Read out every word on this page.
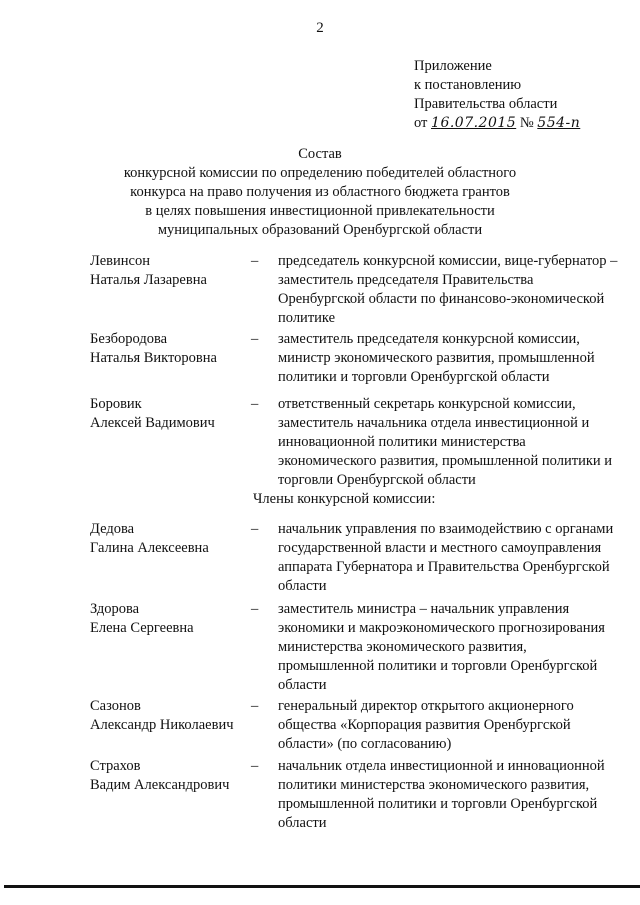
2
Приложение
к постановлению
Правительства области
от 16.07.2015 № 554-п
Состав
конкурсной комиссии по определению победителей областного
конкурса на право получения из областного бюджета грантов
в целях повышения инвестиционной привлекательности
муниципальных образований Оренбургской области
Левинсон
Наталья Лазаревна
– председатель конкурсной комиссии, вице-губернатор – заместитель председателя Правительства Оренбургской области по финансово-экономической политике
Безбородова
Наталья Викторовна
– заместитель председателя конкурсной комиссии, министр экономического развития, промышленной политики и торговли Оренбургской области
Боровик
Алексей Вадимович
– ответственный секретарь конкурсной комиссии, заместитель начальника отдела инвестиционной и инновационной политики министерства экономического развития, промышленной политики и торговли Оренбургской области
Члены конкурсной комиссии:
Дедова
Галина Алексеевна
– начальник управления по взаимодействию с органами государственной власти и местного самоуправления аппарата Губернатора и Правительства Оренбургской области
Здорова
Елена Сергеевна
– заместитель министра – начальник управления экономики и макроэкономического прогнозирования министерства экономического развития, промышленной политики и торговли Оренбургской области
Сазонов
Александр Николаевич
– генеральный директор открытого акционерного общества «Корпорация развития Оренбургской области» (по согласованию)
Страхов
Вадим Александрович
– начальник отдела инвестиционной и инновационной политики министерства экономического развития, промышленной политики и торговли Оренбургской области
